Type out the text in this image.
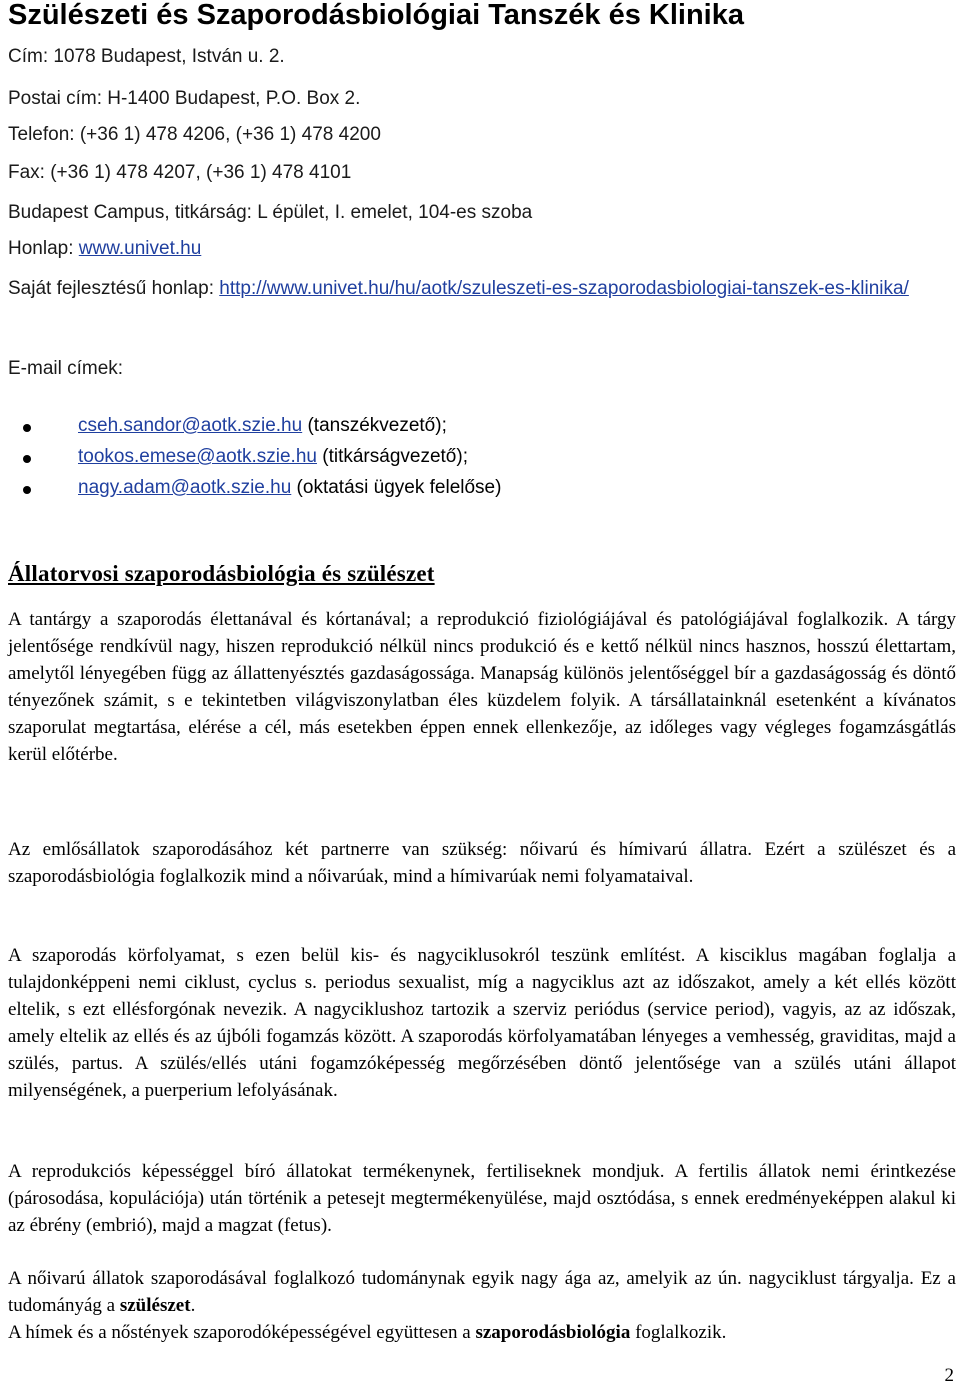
Szülészeti és Szaporodásbiológiai Tanszék és Klinika
Cím: 1078 Budapest, István u. 2.
Postai cím: H-1400 Budapest, P.O. Box 2.
Telefon: (+36 1) 478 4206, (+36 1) 478 4200
Fax: (+36 1) 478 4207, (+36 1) 478 4101
Budapest Campus, titkárság: L épület, I. emelet, 104-es szoba
Honlap: www.univet.hu
Saját fejlesztésű honlap: http://www.univet.hu/hu/aotk/szuleszeti-es-szaporodasbiologiai-tanszek-es-klinika/
E-mail címek:
cseh.sandor@aotk.szie.hu (tanszékvezető);
tookos.emese@aotk.szie.hu (titkárságvezető);
nagy.adam@aotk.szie.hu (oktatási ügyek felelőse)
Állatorvosi szaporodásbiológia és szülészet

A tantárgy a szaporodás élettanával és kórtanával; a reprodukció fiziológiájával és patológiájával foglalkozik. A tárgy jelentősége rendkívül nagy, hiszen reprodukció nélkül nincs produkció és e kettő nélkül nincs hasznos, hosszú élettartam, amelytől lényegében függ az állattenyésztés gazdaságossága. Manapság különös jelentőséggel bír a gazdaságosság és döntő tényezőnek számit, s e tekintetben világviszonylatban éles küzdelem folyik. A társállatainknál esetenként a kívánatos szaporulat megtartása, elérése a cél, más esetekben éppen ennek ellenkezője, az időleges vagy végleges fogamzásgátlás kerül előtérbe.

Az emlősállatok szaporodásához két partnerre van szükség: nőivarú és hímivarú állatra. Ezért a szülészet és a szaporodásbiológia foglalkozik mind a nőivarúak, mind a hímivarúak nemi folyamataival.

A szaporodás körfolyamat, s ezen belül kis- és nagyciklusokról teszünk említést. A kisciklus magában foglalja a tulajdonképpeni nemi ciklust, cyclus s. periodus sexualist, míg a nagyciklus azt az időszakot, amely a két ellés között eltelik, s ezt ellésforgónak nevezik. A nagyciklushoz tartozik a szerviz periódus (service period), vagyis, az az időszak, amely eltelik az ellés és az újbóli fogamzás között. A szaporodás körfolyamatában lényeges a vemhesség, graviditas, majd a szülés, partus. A szülés/ellés utáni fogamzóképesség megőrzésében döntő jelentősége van a szülés utáni állapot milyenségének, a puerperium lefolyásának.

A reprodukciós képességgel bíró állatokat termékenynek, fertiliseknek mondjuk. A fertilis állatok nemi érintkezése (párosodása, kopulációja) után történik a petesejt megtermékenyülése, majd osztódása, s ennek eredményeképpen alakul ki az ébrény (embrió), majd a magzat (fetus).

A nőivarú állatok szaporodásával foglalkozó tudománynak egyik nagy ága az, amelyik az ún. nagyciklust tárgyalja. Ez a tudományág a szülészet.

A hímek és a nőstények szaporodóképességével együttesen a szaporodásbiológia foglalkozik.

2
